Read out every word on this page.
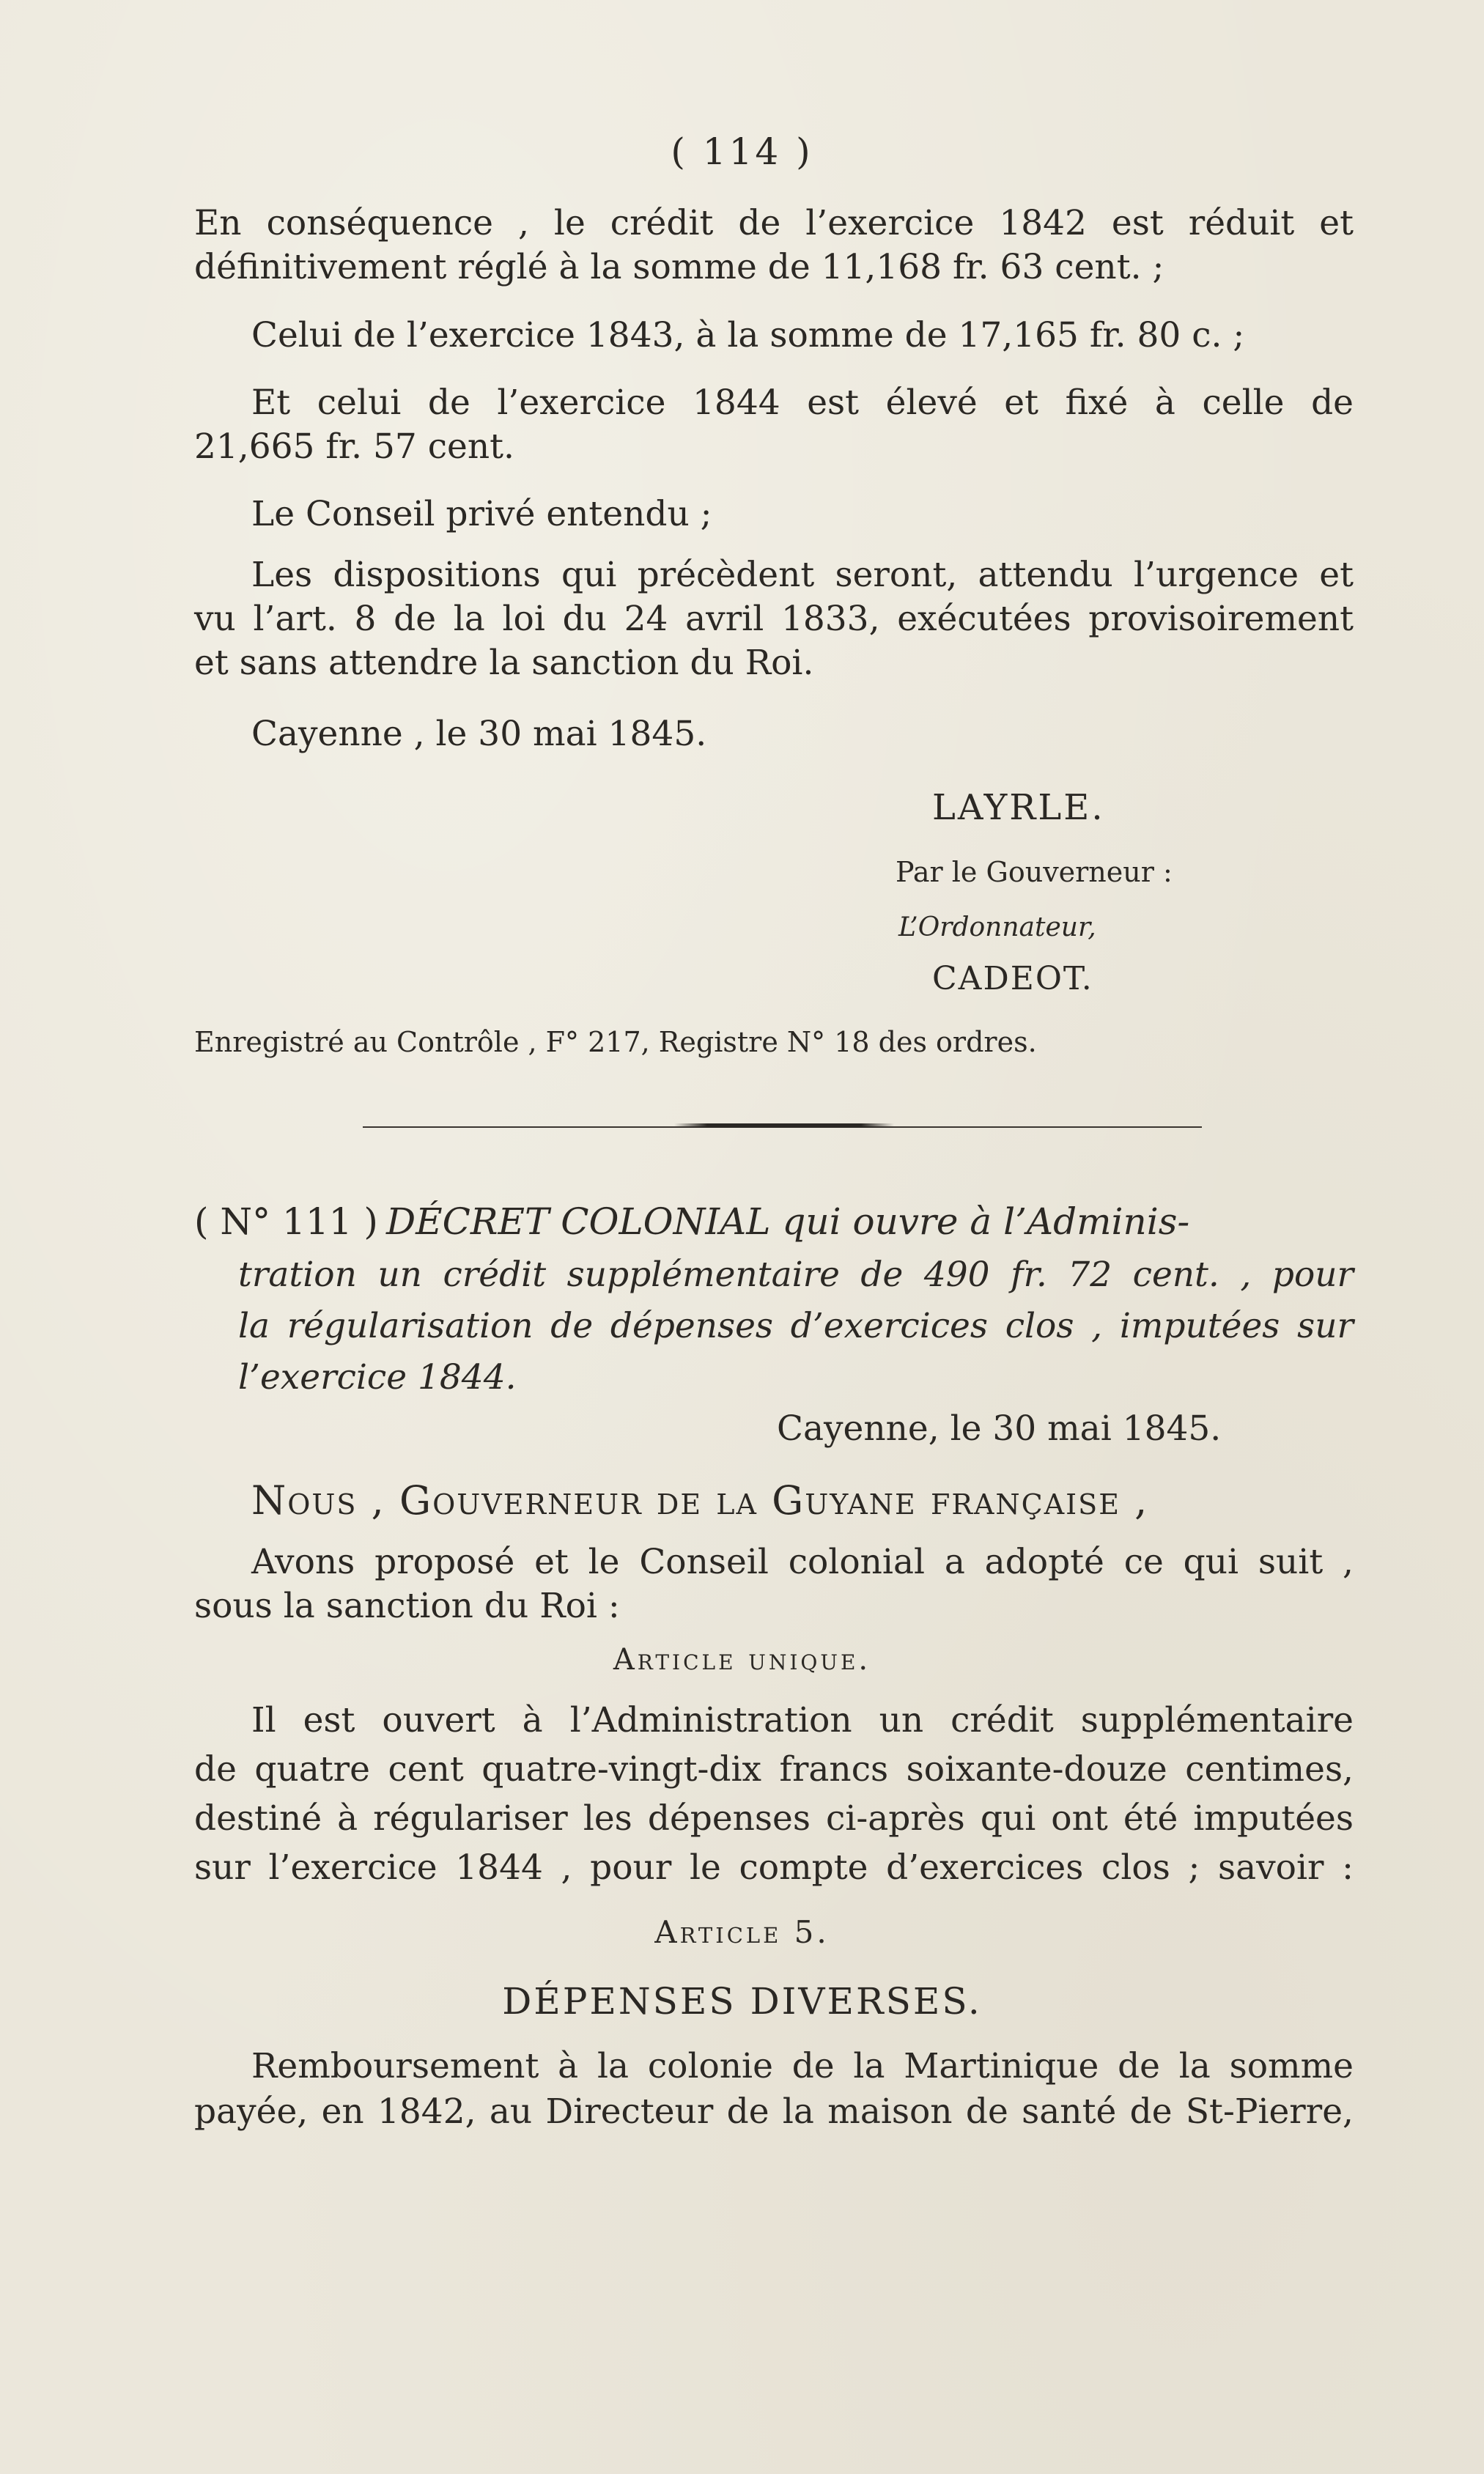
( 114 )
En conséquence , le crédit de l’exercice 1842 est réduit et
définitivement réglé à la somme de 11,168 fr. 63 cent. ;
Celui de l’exercice 1843, à la somme de 17,165 fr. 80 c. ;
Et celui de l’exercice 1844 est élevé et fixé à celle de
21,665 fr. 57 cent.
Le Conseil privé entendu ;
Les dispositions qui précèdent seront, attendu l’urgence et
vu l’art. 8 de la loi du 24 avril 1833, exécutées provisoirement
et sans attendre la sanction du Roi.
Cayenne , le 30 mai 1845.
LAYRLE.
Par le Gouverneur :
L’Ordonnateur,
CADEOT.
Enregistré au Contrôle , F° 217, Registre N° 18 des ordres.
( N° 111 ) DÉCRET COLONIAL qui ouvre à l’Adminis-
tration un crédit supplémentaire de 490 fr. 72 cent. , pour
la régularisation de dépenses d’exercices clos , imputées sur
l’exercice 1844.
Cayenne, le 30 mai 1845.
Nous , Gouverneur de la Guyane française ,
Avons proposé et le Conseil colonial a adopté ce qui suit ,
sous la sanction du Roi :
Article unique.
Il est ouvert à l’Administration un crédit supplémentaire
de quatre cent quatre-vingt-dix francs soixante-douze centimes,
destiné à régulariser les dépenses ci-après qui ont été imputées
sur l’exercice 1844 , pour le compte d’exercices clos ; savoir :
Article 5.
DÉPENSES DIVERSES.
Remboursement à la colonie de la Martinique de la somme
payée, en 1842, au Directeur de la maison de santé de St-Pierre,
